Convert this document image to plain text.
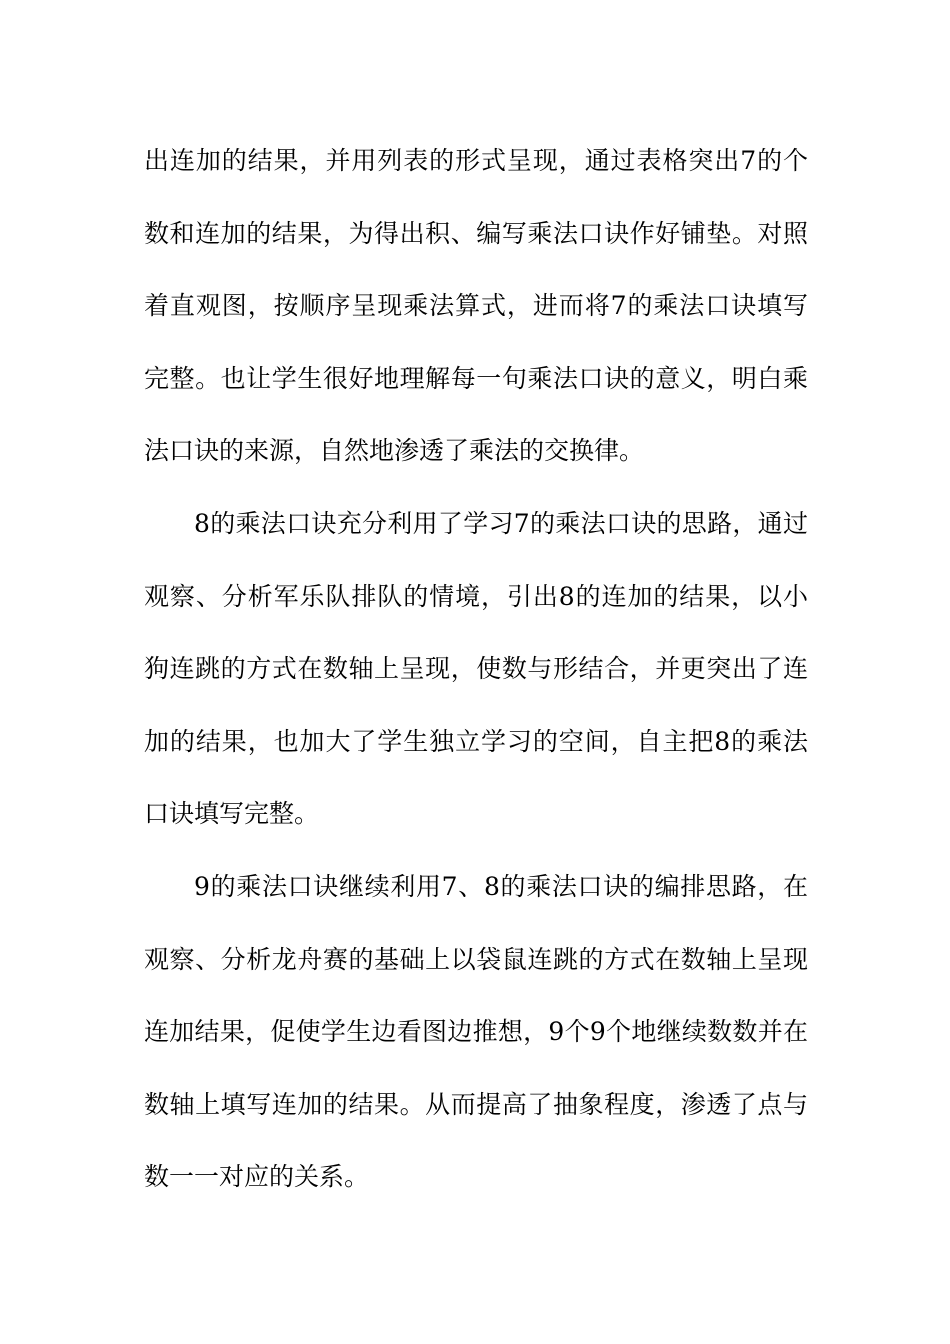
出连加的结果，并用列表的形式呈现，通过表格突出7的个数和连加的结果，为得出积、编写乘法口诀作好铺垫。对照着直观图，按顺序呈现乘法算式，进而将7的乘法口诀填写完整。也让学生很好地理解每一句乘法口诀的意义，明白乘法口诀的来源，自然地渗透了乘法的交换律。

8的乘法口诀充分利用了学习7的乘法口诀的思路，通过观察、分析军乐队排队的情境，引出8的连加的结果，以小狗连跳的方式在数轴上呈现，使数与形结合，并更突出了连加的结果，也加大了学生独立学习的空间，自主把8的乘法口诀填写完整。

9的乘法口诀继续利用7、8的乘法口诀的编排思路，在观察、分析龙舟赛的基础上以袋鼠连跳的方式在数轴上呈现连加结果，促使学生边看图边推想，9个9个地继续数数并在数轴上填写连加的结果。从而提高了抽象程度，渗透了点与数一一对应的关系。
